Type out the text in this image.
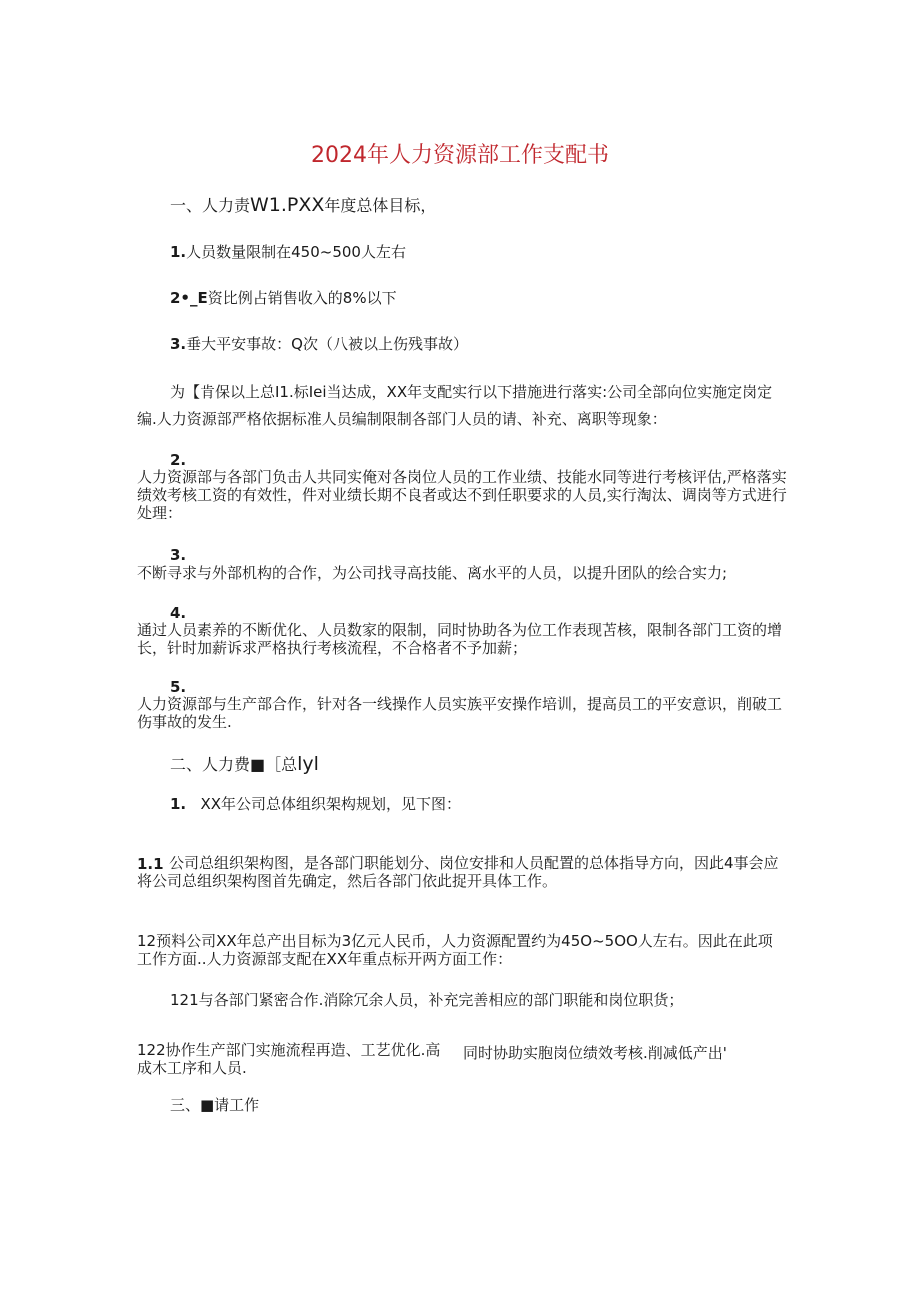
2024年人力资源部工作支配书
一、人力责W1.PXX年度总体目标，
1.人员数量限制在450~500人左右
2•_E资比例占销售收入的8%以下
3.垂大平安事故：Q次（八被以上伤残事故）
为【肯保以上总I1.标Iei当达成，XX年支配实行以下措施进行落实:公司全部向位实施定岗定
编.人力资源部严格依据标准人员编制限制各部门人员的请、补充、离职等现象：
2.
人力资源部与各部门负击人共同实俺对各岗位人员的工作业绩、技能水同等进行考核评估,严格落实绩效考核工资的有效性，件对业绩长期不良者或达不到任职要求的人员,实行淘汰、调岗等方式进行处理：
3.
不断寻求与外部机构的合作，为公司找寻高技能、离水平的人员，以提升团队的绘合实力;
4.
通过人员素养的不断优化、人员数家的限制，同时协助各为位工作表现苫核，限制各部门工资的增长，针时加薪诉求严格执行考核流程，不合格者不予加薪；
5.
人力资源部与生产部合作，针对各一线操作人员实族平安操作培训，提高员工的平安意识，削破工伤事故的发生.
二、人力费■［总lyl
1. XX年公司总体组织架构规划，见下图：
1.1 公司总组织架构图，是各部门职能划分、岗位安排和人员配置的总体指导方向，因此4事会应将公司总组织架构图首先确定，然后各部门依此捉开具体工作。
12预料公司XX年总产出目标为3亿元人民币，人力资源配置约为45O~5OO人左右。因此在此项工作方面..人力资源部支配在XX年重点标开两方面工作：
121与各部门紧密合作.消除冗余人员，补充完善相应的部门职能和岗位职货；
122协作生产部门实施流程再造、工艺优化.高 同时协助实胞岗位绩效考核.削减低产出'
成木工序和人员.
三、■请工作
